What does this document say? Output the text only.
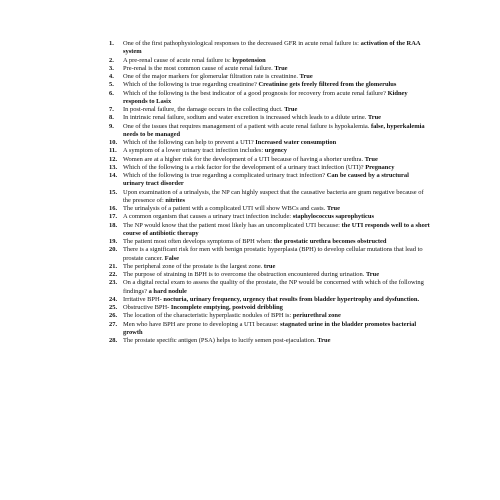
1.	One of the first pathophysiological responses to the decreased GFR in acute renal failure is: activation of the RAA system
2.	A pre-renal cause of acute renal failure is: hypotension
3.	Pre-renal is the most common cause of acute renal failure. True
4.	One of the major markers for glomerular filtration rate is creatinine. True
5.	Which of the following is true regarding creatinine? Creatinine gets freely filtered from the glomerulus
6.	Which of the following is the best indicator of a good prognosis for recovery from acute renal failure? Kidney responds to Lasix
7.	In post-renal failure, the damage occurs in the collecting duct. True
8.	In intrinsic renal failure, sodium and water excretion is increased which leads to a dilute urine. True
9.	One of the issues that requires management of a patient with acute renal failure is hypokalemia. false, hyperkalemia needs to be managed
10. Which of the following can help to prevent a UTI? Increased water consumption
11. A symptom of a lower urinary tract infection includes: urgency
12. Women are at a higher risk for the development of a UTI because of having a shorter urethra. True
13. Which of the following is a risk factor for the development of a urinary tract infection (UTI)? Pregnancy
14. Which of the following is true regarding a complicated urinary tract infection? Can be caused by a structural urinary tract disorder
15. Upon examination of a urinalysis, the NP can highly suspect that the causative bacteria are gram negative because of the presence of: nitrites
16. The urinalysis of a patient with a complicated UTI will show WBCs and casts. True
17. A common organism that causes a urinary tract infection include: staphylococcus saprophyticus
18. The NP would know that the patient most likely has an uncomplicated UTI because: the UTI responds well to a short course of antibiotic therapy
19. The patient most often develops symptoms of BPH when: the prostatic urethra becomes obstructed
20. There is a significant risk for men with benign prostatic hyperplasia (BPH) to develop cellular mutations that lead to prostate cancer. False
21. The peripheral zone of the prostate is the largest zone. true
22. The purpose of straining in BPH is to overcome the obstruction encountered during urination. True
23. On a digital rectal exam to assess the quality of the prostate, the NP would be concerned with which of the following findings? a hard nodule
24. Irritative BPH- nocturia, urinary frequency, urgency that results from bladder hypertrophy and dysfunction.
25. Obstructive BPH- Incomplete emptying, postvoid dribbling
26. The location of the characteristic hyperplastic nodules of BPH is: periurethral zone
27. Men who have BPH are prone to developing a UTI because: stagnated urine in the bladder promotes bacterial growth
28. The prostate specific antigen (PSA) helps to lucify semen post-ejaculation. True
